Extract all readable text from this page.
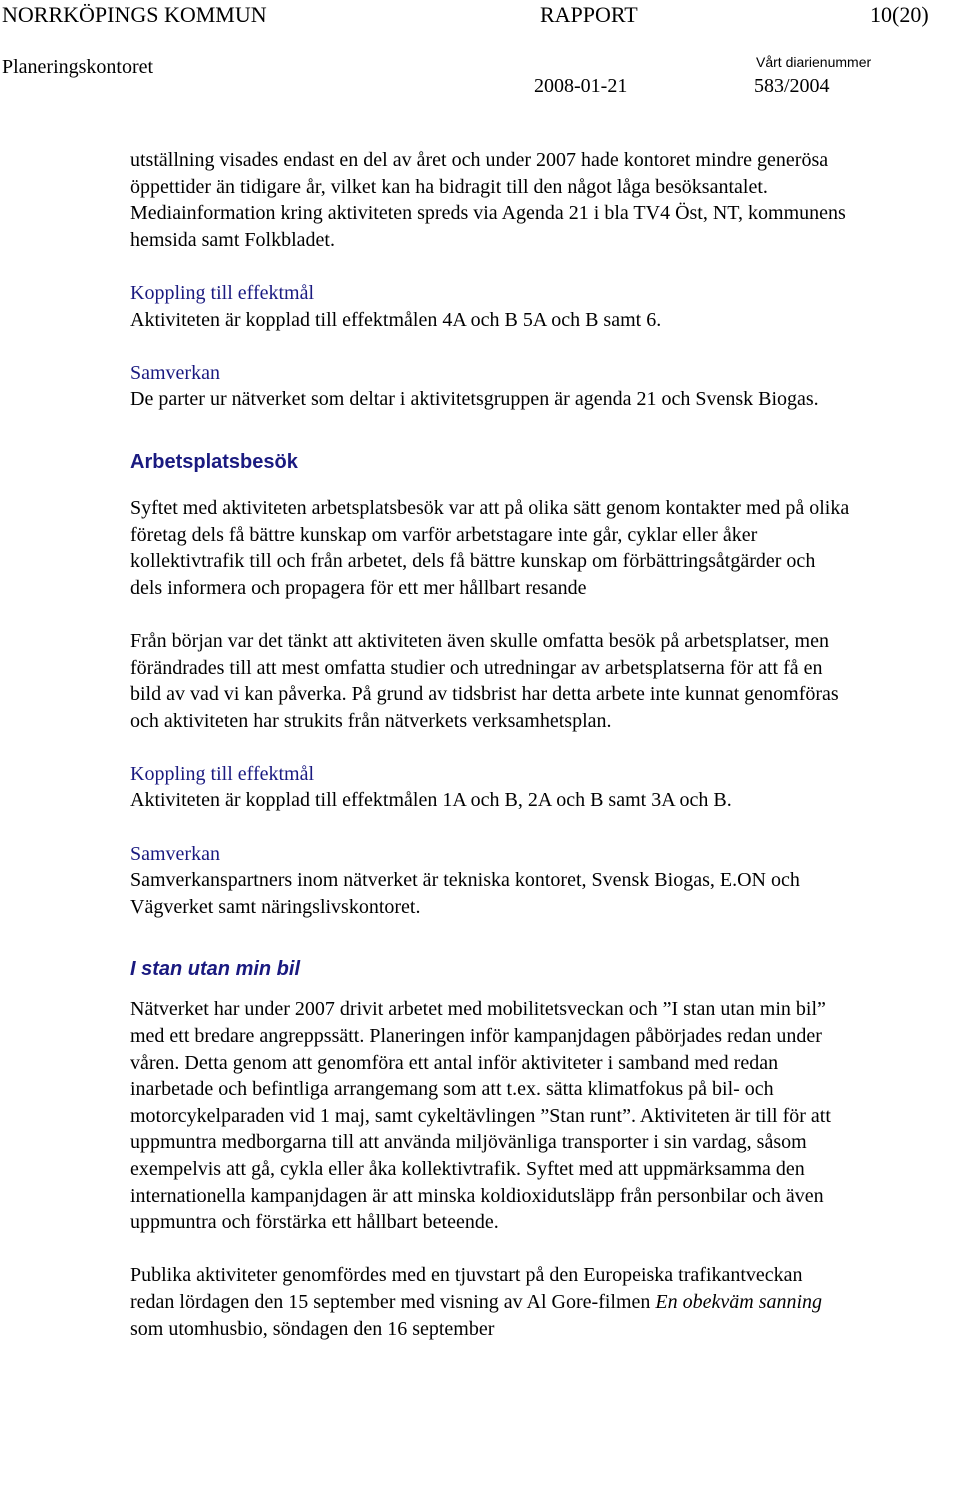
NORRKÖPINGS KOMMUN	RAPPORT	10(20)
Planeringskontoret	Vårt diarienummer
2008-01-21	583/2004

utställning visades endast en del av året och under 2007 hade kontoret mindre generösa öppettider än tidigare år, vilket kan ha bidragit till den något låga besöksantalet. Mediainformation kring aktiviteten spreds via Agenda 21 i bla TV4 Öst, NT, kommunens hemsida samt Folkbladet.

Koppling till effektmål

Aktiviteten är kopplad till effektmålen 4A och B 5A och B samt 6.

Samverkan

De parter ur nätverket som deltar i aktivitetsgruppen är agenda 21 och Svensk Biogas.

Arbetsplatsbesök

Syftet med aktiviteten arbetsplatsbesök var att på olika sätt genom kontakter med på olika företag dels få bättre kunskap om varför arbetstagare inte går, cyklar eller åker kollektivtrafik till och från arbetet, dels få bättre kunskap om förbättringsåtgärder och dels informera och propagera för ett mer hållbart resande

Från början var det tänkt att aktiviteten även skulle omfatta besök på arbetsplatser, men förändrades till att mest omfatta studier och utredningar av arbetsplatserna för att få en bild av vad vi kan påverka. På grund av tidsbrist har detta arbete inte kunnat genomföras och aktiviteten har strukits från nätverkets verksamhetsplan.

Koppling till effektmål

Aktiviteten är kopplad till effektmålen 1A och B, 2A och B samt 3A och B.

Samverkan

Samverkanspartners inom nätverket är tekniska kontoret, Svensk Biogas, E.ON och Vägverket samt näringslivskontoret.

I stan utan min bil

Nätverket har under 2007 drivit arbetet med mobilitetsveckan och ”I stan utan min bil” med ett bredare angreppssätt. Planeringen inför kampanjdagen påbörjades redan under våren. Detta genom att genomföra ett antal inför aktiviteter i samband med redan inarbetade och befintliga arrangemang som att t.ex. sätta klimatfokus på bil- och motorcykelparaden vid 1 maj, samt cykeltävlingen ”Stan runt”. Aktiviteten är till för att uppmuntra medborgarna till att använda miljövänliga transporter i sin vardag, såsom exempelvis att gå, cykla eller åka kollektivtrafik. Syftet med att uppmärksamma den internationella kampanjdagen är att minska koldioxidutsläpp från personbilar och även uppmuntra och förstärka ett hållbart beteende.

Publika aktiviteter genomfördes med en tjuvstart på den Europeiska trafikantveckan redan lördagen den 15 september med visning av Al Gore-filmen En obekväm sanning som utomhusbio, söndagen den 16 september
